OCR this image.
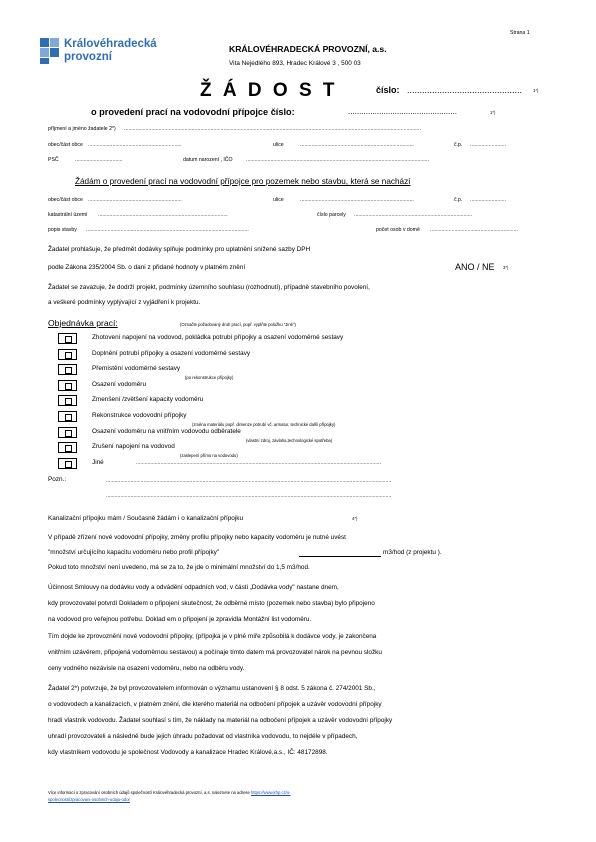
Strana 1
Královéhradecká
provozní
KRÁLOVÉHRADECKÁ PROVOZNÍ, a.s.
Vita Nejedlého 893, Hradec Králové 3 , 500 03
Ž Á D O S T	číslo: ..............................................	1*)
o provedení prací na vodovodní přípojce číslo:	.................................................	1*)
příjmení a jméno žadatele 2*) ..............................................................................................................................................................................................................
obec/část obce .................................................................	ulice	...............................................................................	č.p. .........................
PSČ	.................................	datum narození , IČO	...............................................................................................................................
Žádám o provedení prací na vodovodní přípojce pro pozemek nebo stavbu, která se nachází
obec/část obce .................................................................	ulice	...............................................................................	č.p. .........................
katastrální území ..........................................................................................	číslo parcely ..................................................................................
popis stavby .................................................................................................................	počet osob v domě .............................................................
Žadatel prohlašuje, že předmět dodávky splňuje podmínky pro uplatnění snížené sazby DPH
podle Zákona 235/2004 Sb. o dani z přidané hodnoty v platném znění	ANO / NE 3*)
Žadatel se zavazuje, že dodrží projekt, podmínky územního souhlasu (rozhodnutí), případně stavebního povolení,
a veškeré podmínky vyplývající z vyjádření k projektu.
Objednávka prací:	(Označte požadovaný druh prací, popř. vyplňte položku "Jiné")
Zhotovení napojení na vodovod, pokládka potrubí přípojky a osazení vodoměrné sestavy
Doplnění potrubí přípojky a osazení vodoměrné sestavy
Přemístění vodoměrné sestavy
(po rekonstrukce přípojky)
Osazení vodoměru
Zmenšení /zvětšení kapacity vodoměru
Rekonstrukce vodovodní přípojky
(změna materiálu popř. dimenze potrubí vč. armatur, technické další přípojky)
Osazení vodoměru na vnitřním vodovodu odběratele
(vlastní zdroj, závlaha,technologické spotřeba)
Zrušení napojení na vodovod
(zaslepení přímo na vodovodu)
Jiné	..........................................................................................................................................................................
Pozn.:	......................................................................................................................................................................................................
......................................................................................................................................................................................................
Kanalizační přípojku mám / Současně žádám i o kanalizační přípojku	4*)
V případě zřízení nové vodovodní přípojky, změny profilu přípojky nebo kapacity vodoměru je nutné uvést
"množství určujícího kapacitu vodoměru nebo profil přípojky"	m3/hod (z projektu ).
Pokud toto množství není uvedeno, má se za to, že jde o minimální množství do 1,5 m3/hod.
Účinnost Smlouvy na dodávku vody a odvádění odpadních vod, v části „Dodávka vody" nastane dnem,
kdy provozovatel potvrdí Dokladem o připojení skutečnost, že odběrné místo (pozemek nebo stavba) bylo připojeno
na vodovod pro veřejnou potřebu. Doklad em o připojení je zpravidla Montážní list vodoměru.
Tím dojde ke zprovoznění nové vodovodní přípojky, (přípojka je v plné míře způsobilá k dodávce vody, je zakončena
vnitřním uzávěrem, připojená vodoměrnou sestavou) a počínaje tímto datem má provozovatel nárok na pevnou složku
ceny vodného nezávisle na osazení vodoměru, nebo na odběru vody.
Žadatel 2*) potvrzuje, že byl provozovatelem informován o významu ustanovení § 8 odst. 5 zákona č. 274/2001 Sb.,
o vodovodech a kanalizacích, v platném znění, dle kterého materiál na odbočení přípojek a uzávěr vodovodní přípojky
hradí vlastník vodovodu. Žadatel souhlasí s tím, že náklady na materiál na odbočení přípojek a uzávěr vodovodní přípojky
uhradí provozovateli a následně bude jejich úhradu požadovat od vlastníka vodovodu, to nejdéle v případech,
kdy vlastníkem vodovodu je společnost Vodovody a kanalizace Hradec Králové,a.s., IČ: 48172898.
Více informací o zpracování osobních údajů společností Královéhradecká provozní, a.s. naleznete na adrese https://www.khp.cz/o-
spolecnosti/zpracovani-osobnich-udaju-odor
